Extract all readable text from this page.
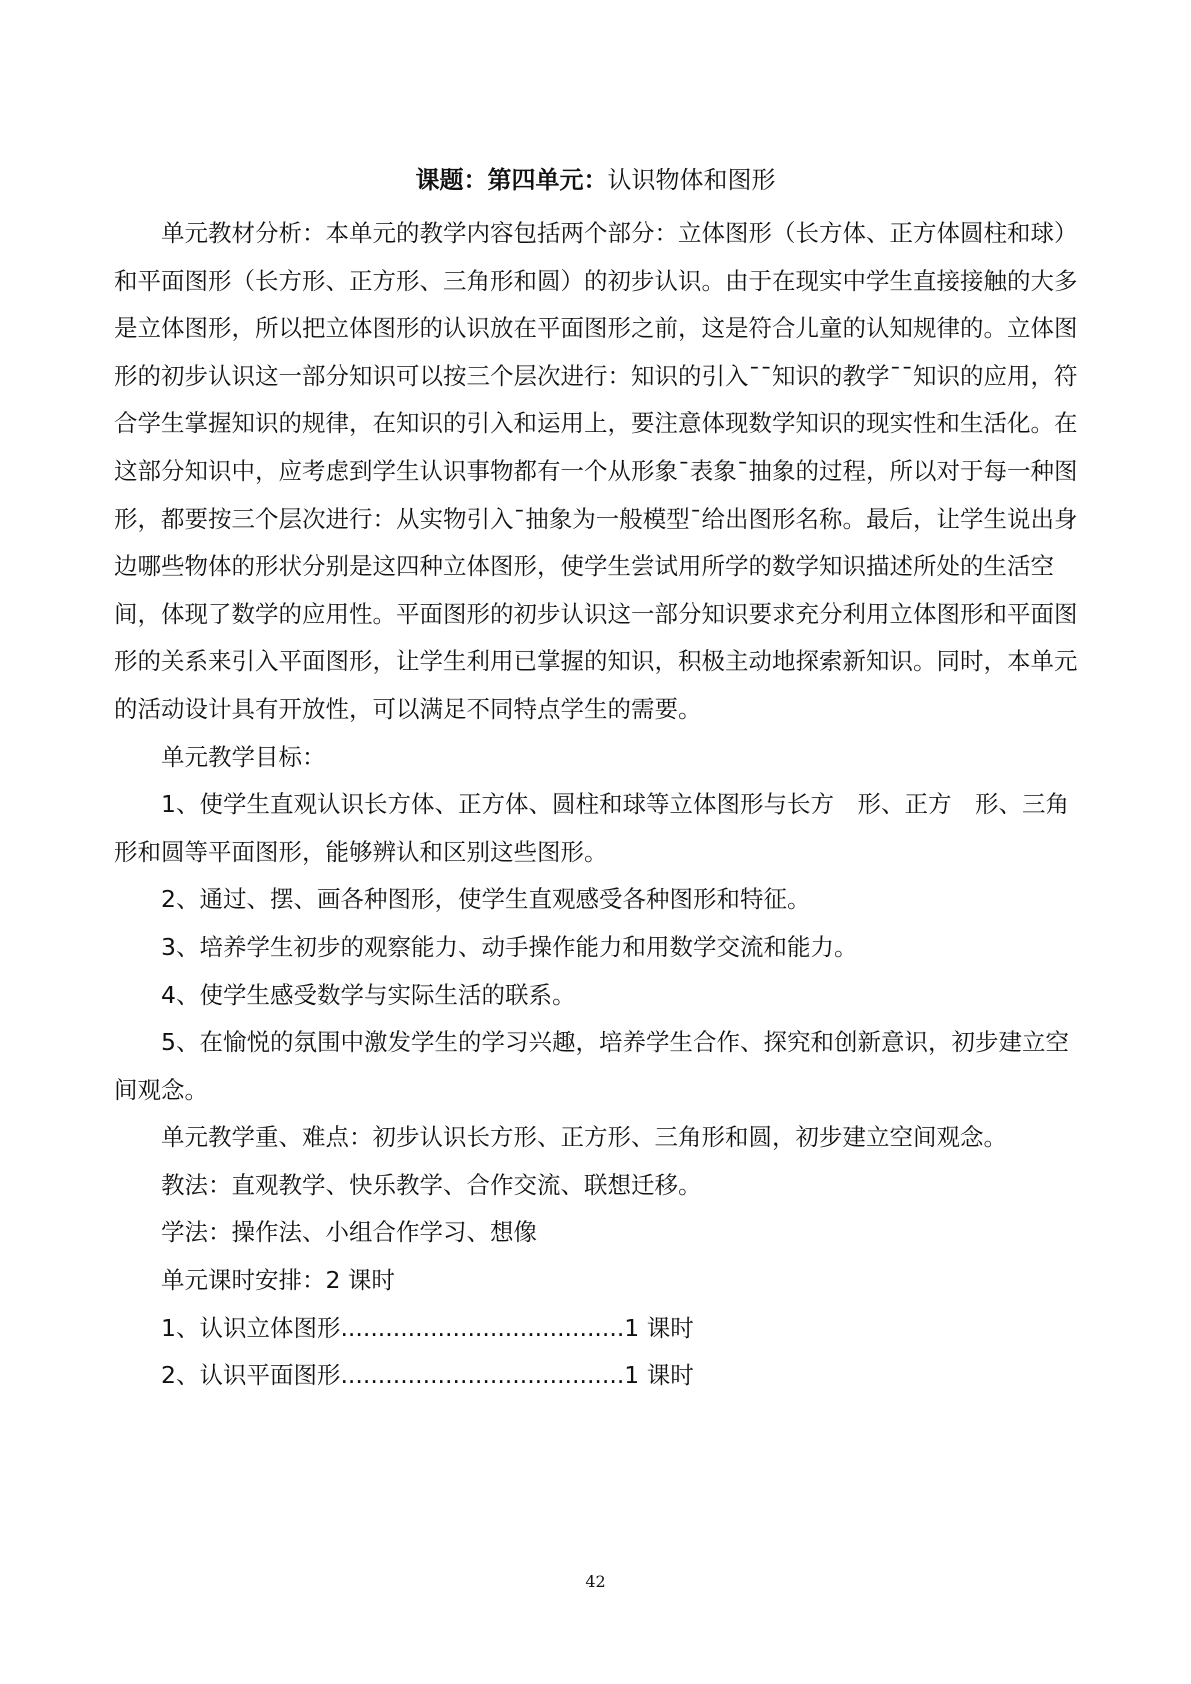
课题：第四单元：认识物体和图形

单元教材分析：本单元的教学内容包括两个部分：立体图形（长方体、正方体圆柱和球）和平面图形（长方形、正方形、三角形和圆）的初步认识。由于在现实中学生直接接触的大多是立体图形，所以把立体图形的认识放在平面图形之前，这是符合儿童的认知规律的。立体图形的初步认识这一部分知识可以按三个层次进行：知识的引入¯¯知识的教学¯¯知识的应用，符合学生掌握知识的规律，在知识的引入和运用上，要注意体现数学知识的现实性和生活化。在这部分知识中，应考虑到学生认识事物都有一个从形象¯表象¯抽象的过程，所以对于每一种图形，都要按三个层次进行：从实物引入¯抽象为一般模型¯给出图形名称。最后，让学生说出身边哪些物体的形状分别是这四种立体图形，使学生尝试用所学的数学知识描述所处的生活空间，体现了数学的应用性。平面图形的初步认识这一部分知识要求充分利用立体图形和平面图形的关系来引入平面图形，让学生利用已掌握的知识，积极主动地探索新知识。同时，本单元的活动设计具有开放性，可以满足不同特点学生的需要。

单元教学目标：

1、使学生直观认识长方体、正方体、圆柱和球等立体图形与长方　形、正方　形、三角形和圆等平面图形，能够辨认和区别这些图形。

2、通过、摆、画各种图形，使学生直观感受各种图形和特征。

3、培养学生初步的观察能力、动手操作能力和用数学交流和能力。

4、使学生感受数学与实际生活的联系。

5、在愉悦的氛围中激发学生的学习兴趣，培养学生合作、探究和创新意识，初步建立空间观念。

单元教学重、难点：初步认识长方形、正方形、三角形和圆，初步建立空间观念。

教法：直观教学、快乐教学、合作交流、联想迁移。

学法：操作法、小组合作学习、想像

单元课时安排：2 课时

1、认识立体图形......................................1 课时

2、认识平面图形......................................1 课时

42
